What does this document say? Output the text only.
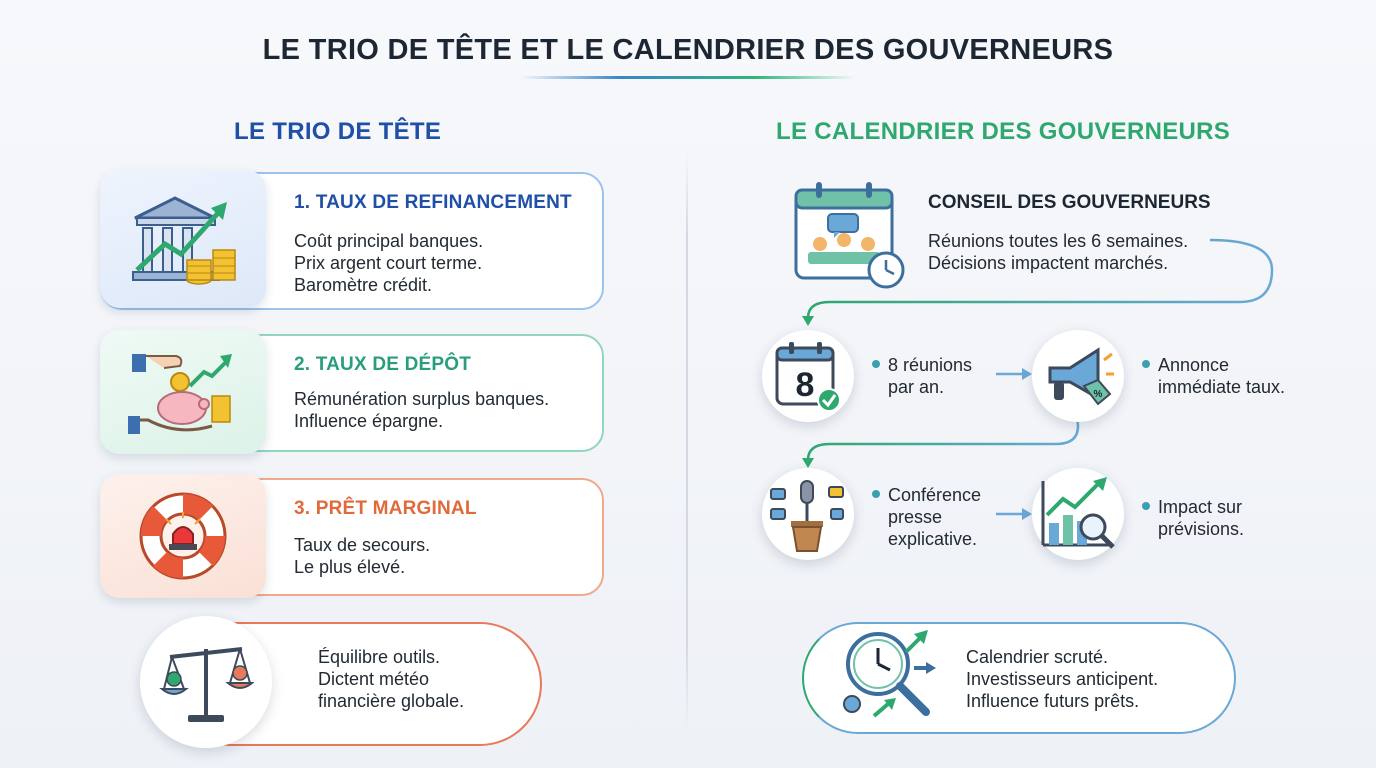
LE TRIO DE TÊTE ET LE CALENDRIER DES GOUVERNEURS
LE TRIO DE TÊTE
1. TAUX DE REFINANCEMENT
Coût principal banques.
Prix argent court terme.
Baromètre crédit.
2. TAUX DE DÉPÔT
Rémunération surplus banques.
Influence épargne.
3. PRÊT MARGINAL
Taux de secours.
Le plus élevé.
Équilibre outils.
Dictent météo
financière globale.
LE CALENDRIER DES GOUVERNEURS
CONSEIL DES GOUVERNEURS
Réunions toutes les 6 semaines.
Décisions impactent marchés.
8
8 réunions
par an.	%
Annonce
immédiate taux.
Conférence
presse
explicative.
Impact sur
prévisions.
Calendrier scruté.
Investisseurs anticipent.
Influence futurs prêts.
